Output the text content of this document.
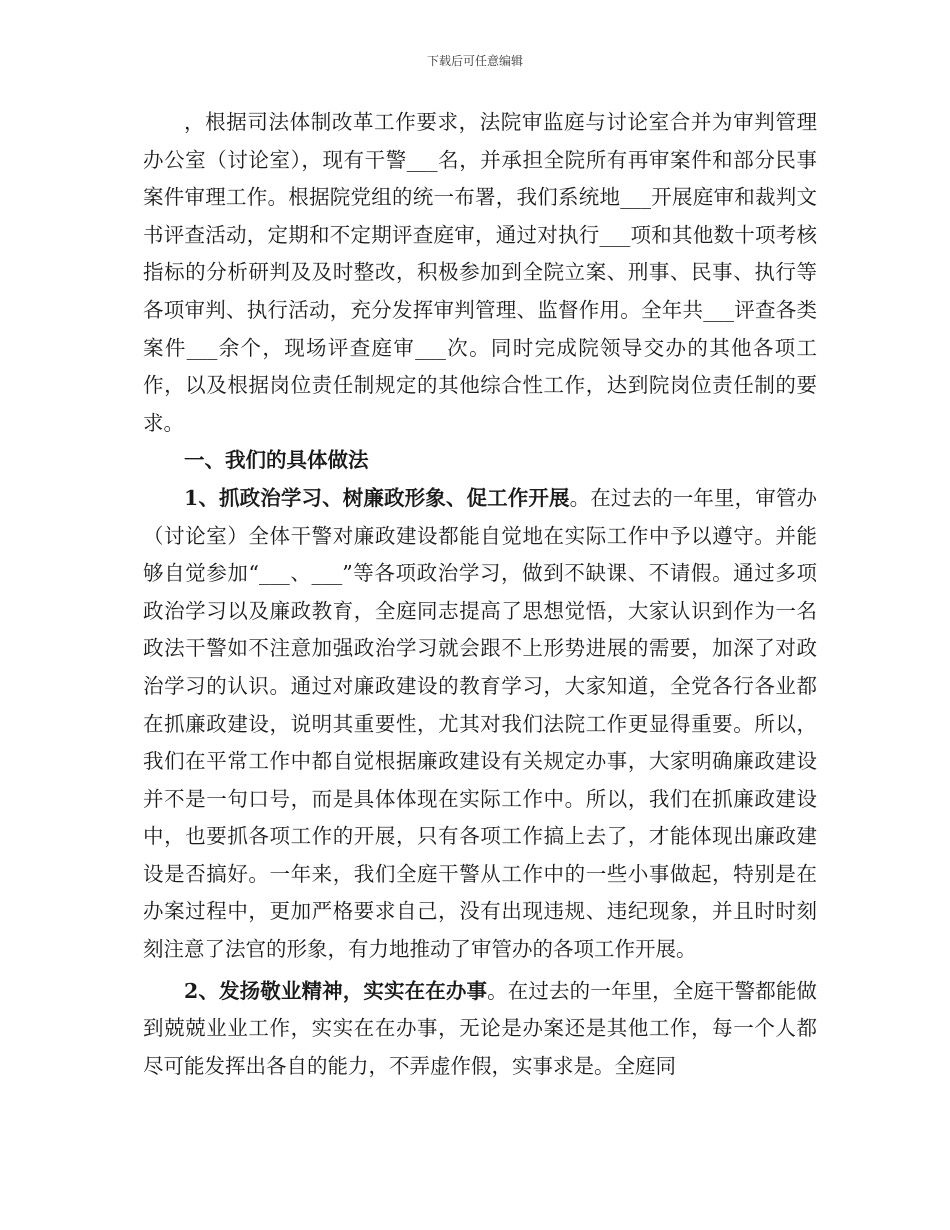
下载后可任意编辑

，根据司法体制改革工作要求，法院审监庭与讨论室合并为审判管理办公室（讨论室），现有干警___名，并承担全院所有再审案件和部分民事案件审理工作。根据院党组的统一布署，我们系统地___开展庭审和裁判文书评查活动，定期和不定期评查庭审，通过对执行___项和其他数十项考核指标的分析研判及及时整改，积极参加到全院立案、刑事、民事、执行等各项审判、执行活动，充分发挥审判管理、监督作用。全年共___评查各类案件___余个，现场评查庭审___次。同时完成院领导交办的其他各项工作，以及根据岗位责任制规定的其他综合性工作，达到院岗位责任制的要求。

一、我们的具体做法

1、抓政治学习、树廉政形象、促工作开展。在过去的一年里，审管办（讨论室）全体干警对廉政建设都能自觉地在实际工作中予以遵守。并能够自觉参加“___、___”等各项政治学习，做到不缺课、不请假。通过多项政治学习以及廉政教育，全庭同志提高了思想觉悟，大家认识到作为一名政法干警如不注意加强政治学习就会跟不上形势进展的需要，加深了对政治学习的认识。通过对廉政建设的教育学习，大家知道，全党各行各业都在抓廉政建设，说明其重要性，尤其对我们法院工作更显得重要。所以，我们在平常工作中都自觉根据廉政建设有关规定办事，大家明确廉政建设并不是一句口号，而是具体体现在实际工作中。所以，我们在抓廉政建设中，也要抓各项工作的开展，只有各项工作搞上去了，才能体现出廉政建设是否搞好。一年来，我们全庭干警从工作中的一些小事做起，特别是在办案过程中，更加严格要求自己，没有出现违规、违纪现象，并且时时刻刻注意了法官的形象，有力地推动了审管办的各项工作开展。

2、发扬敬业精神，实实在在办事。在过去的一年里，全庭干警都能做到兢兢业业工作，实实在在办事，无论是办案还是其他工作，每一个人都尽可能发挥出各自的能力，不弄虚作假，实事求是。全庭同
